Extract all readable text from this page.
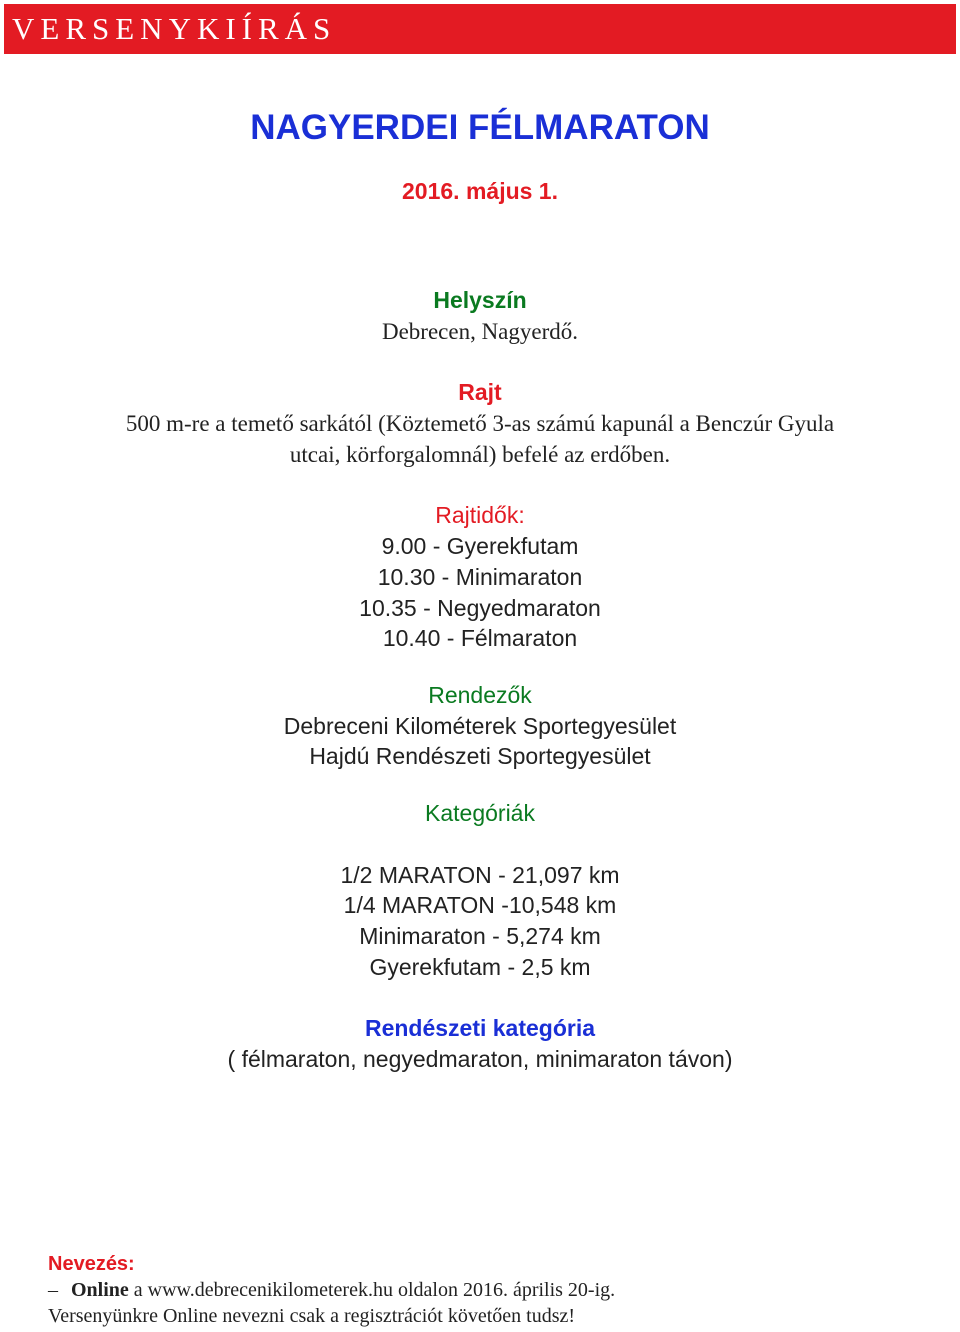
VERSENYKIÍRÁS
NAGYERDEI FÉLMARATON
2016. május 1.
Helyszín
Debrecen, Nagyerdő.
Rajt
500 m-re a temető sarkától (Köztemető 3-as számú kapunál a Benczúr Gyula
utcai, körforgalomnál) befelé az erdőben.
Rajtidők:
9.00 - Gyerekfutam
10.30 - Minimaraton
10.35 - Negyedmaraton
10.40 - Félmaraton
Rendezők
Debreceni Kilométerek Sportegyesület
Hajdú Rendészeti Sportegyesület
Kategóriák
1/2 MARATON - 21,097 km
1/4 MARATON -10,548 km
Minimaraton - 5,274 km
Gyerekfutam - 2,5 km
Rendészeti kategória
( félmaraton, negyedmaraton, minimaraton távon)
Nevezés:
– Online a www.debrecenikilometerek.hu oldalon 2016. április 20-ig.
Versenyünkre Online nevezni csak a regisztrációt követően tudsz!
